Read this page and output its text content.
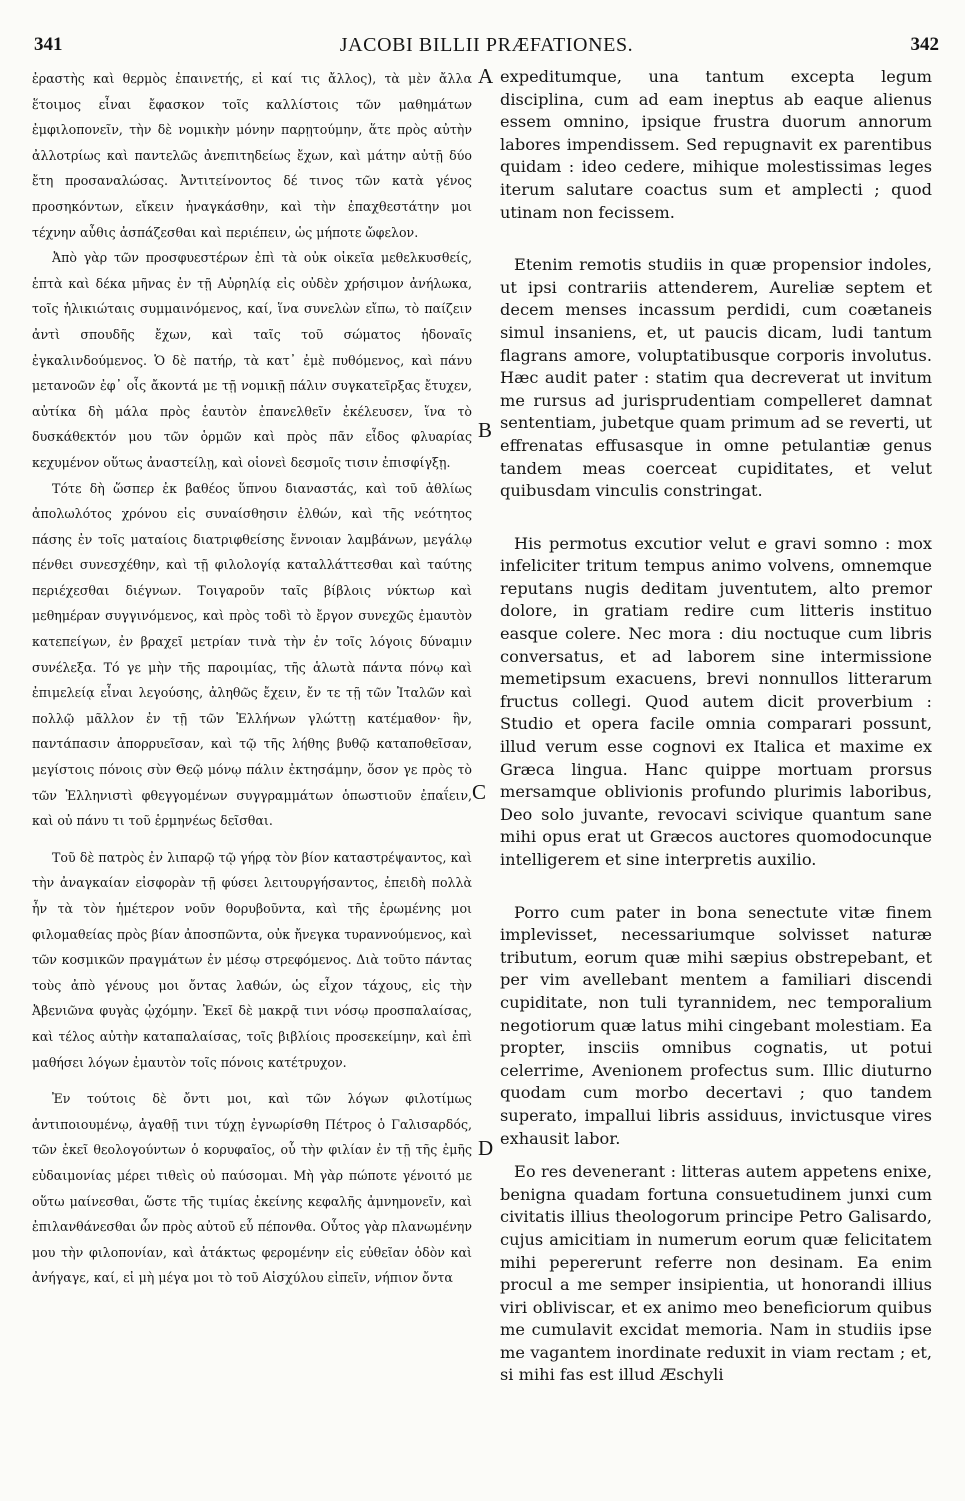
341	JACOBI BILLII PRÆFATIONES.	342

ἐραστὴς καὶ θερμὸς ἐπαινετής, εἰ καί τις ἄλλος), τὰ μὲν ἄλλα ἕτοιμος εἶναι ἔφασκον τοῖς καλλίστοις τῶν μαθημάτων ἐμφιλοπονεῖν, τὴν δὲ νομικὴν μόνην παρῃτούμην, ἅτε πρὸς αὐτὴν ἀλλοτρίως καὶ παντελῶς ἀνεπιτηδείως ἔχων, καὶ μάτην αὐτῇ δύο ἔτη προσαναλώσας. Ἀντιτείνοντος δέ τινος τῶν κατὰ γένος προσηκόντων, εἴκειν ἠναγκάσθην, καὶ τὴν ἐπαχθεστάτην μοι τέχνην αὖθις ἀσπάζεσθαι καὶ περιέπειν, ὡς μήποτε ὤφελον.

Ἀπὸ γὰρ τῶν προσφυεστέρων ἐπὶ τὰ οὐκ οἰκεῖα μεθελκυσθείς, ἑπτὰ καὶ δέκα μῆνας ἐν τῇ Αὐρηλίᾳ εἰς οὐδὲν χρήσιμον ἀνήλωκα, τοῖς ἡλικιώταις συμμαινόμενος, καί, ἵνα συνελὼν εἴπω, τὸ παίζειν ἀντὶ σπουδῆς ἔχων, καὶ ταῖς τοῦ σώματος ἡδοναῖς ἐγκαλινδούμενος. Ὁ δὲ πατήρ, τὰ κατ᾽ ἐμὲ πυθόμενος, καὶ πάνυ μετανοῶν ἐφ᾽ οἷς ἄκοντά με τῇ νομικῇ πάλιν συγκατεῖρξας ἔτυχεν, αὐτίκα δὴ μάλα πρὸς ἑαυτὸν ἐπανελθεῖν ἐκέλευσεν, ἵνα τὸ δυσκάθεκτόν μου τῶν ὁρμῶν καὶ πρὸς πᾶν εἶδος φλυαρίας κεχυμένον οὕτως ἀναστείλῃ, καὶ οἱονεὶ δεσμοῖς τισιν ἐπισφίγξῃ.

Τότε δὴ ὥσπερ ἐκ βαθέος ὕπνου διαναστάς, καὶ τοῦ ἀθλίως ἀπολωλότος χρόνου εἰς συναίσθησιν ἐλθών, καὶ τῆς νεότητος πάσης ἐν τοῖς ματαίοις διατριφθείσης ἔννοιαν λαμβάνων, μεγάλῳ πένθει συνεσχέθην, καὶ τῇ φιλολογίᾳ καταλλάττεσθαι καὶ ταύτης περιέχεσθαι διέγνων. Τοιγαροῦν ταῖς βίβλοις νύκτωρ καὶ μεθημέραν συγγινόμενος, καὶ πρὸς τοδὶ τὸ ἔργον συνεχῶς ἐμαυτὸν κατεπείγων, ἐν βραχεῖ μετρίαν τινὰ τὴν ἐν τοῖς λόγοις δύναμιν συνέλεξα. Τό γε μὴν τῆς παροιμίας, τῆς ἁλωτὰ πάντα πόνῳ καὶ ἐπιμελείᾳ εἶναι λεγούσης, ἀληθῶς ἔχειν, ἔν τε τῇ τῶν Ἰταλῶν καὶ πολλῷ μᾶλλον ἐν τῇ τῶν Ἑλλήνων γλώττῃ κατέμαθον· ἣν, παντάπασιν ἀπορρυεῖσαν, καὶ τῷ τῆς λήθης βυθῷ καταποθεῖσαν, μεγίστοις πόνοις σὺν Θεῷ μόνῳ πάλιν ἐκτησάμην, ὅσον γε πρὸς τὸ τῶν Ἑλληνιστὶ φθεγγομένων συγγραμμάτων ὁπωστιοῦν ἐπαΐειν, καὶ οὐ πάνυ τι τοῦ ἑρμηνέως δεῖσθαι.

Τοῦ δὲ πατρὸς ἐν λιπαρῷ τῷ γήρᾳ τὸν βίον καταστρέψαντος, καὶ τὴν ἀναγκαίαν εἰσφορὰν τῇ φύσει λειτουργήσαντος, ἐπειδὴ πολλὰ ἦν τὰ τὸν ἡμέτερον νοῦν θορυβοῦντα, καὶ τῆς ἐρωμένης μοι φιλομαθείας πρὸς βίαν ἀποσπῶντα, οὐκ ἤνεγκα τυραννούμενος, καὶ τῶν κοσμικῶν πραγμάτων ἐν μέσῳ στρεφόμενος. Διὰ τοῦτο πάντας τοὺς ἀπὸ γένους μοι ὄντας λαθών, ὡς εἶχον τάχους, εἰς τὴν Ἀβενιῶνα φυγὰς ᾠχόμην. Ἐκεῖ δὲ μακρᾷ τινι νόσῳ προσπαλαίσας, καὶ τέλος αὐτὴν καταπαλαίσας, τοῖς βιβλίοις προσεκείμην, καὶ ἐπὶ μαθήσει λόγων ἐμαυτὸν τοῖς πόνοις κατέτρυχον.

Ἐν τούτοις δὲ ὄντι μοι, καὶ τῶν λόγων φιλοτίμως ἀντιποιουμένῳ, ἀγαθῇ τινι τύχῃ ἐγνωρίσθη Πέτρος ὁ Γαλισαρδός, τῶν ἐκεῖ θεολογούντων ὁ κορυφαῖος, οὗ τὴν φιλίαν ἐν τῇ τῆς ἐμῆς εὐδαιμονίας μέρει τιθεὶς οὐ παύσομαι. Μὴ γὰρ πώποτε γένοιτό με οὕτω μαίνεσθαι, ὥστε τῆς τιμίας ἐκείνης κεφαλῆς ἀμνημονεῖν, καὶ ἐπιλανθάνεσθαι ὧν πρὸς αὐτοῦ εὖ πέπονθα. Οὗτος γὰρ πλανωμένην μου τὴν φιλοπονίαν, καὶ ἀτάκτως φερομένην εἰς εὐθεῖαν ὁδὸν καὶ ἀνήγαγε, καί, εἰ μὴ μέγα μοι τὸ τοῦ Αἰσχύλου εἰπεῖν, νήπιον ὄντα

expeditumque, una tantum excepta legum disciplina, cum ad eam ineptus ab eaque alienus essem omnino, ipsique frustra duorum annorum labores impendissem. Sed repugnavit ex parentibus quidam : ideo cedere, mihique molestissimas leges iterum salutare coactus sum et amplecti ; quod utinam non fecissem.

Etenim remotis studiis in quæ propensior indoles, ut ipsi contrariis attenderem, Aureliæ septem et decem menses incassum perdidi, cum coætaneis simul insaniens, et, ut paucis dicam, ludi tantum flagrans amore, voluptatibusque corporis involutus. Hæc audit pater : statim qua decreverat ut invitum me rursus ad jurisprudentiam compelleret damnat sententiam, jubetque quam primum ad se reverti, ut effrenatas effusasque in omne petulantiæ genus tandem meas coerceat cupiditates, et velut quibusdam vinculis constringat.

His permotus excutior velut e gravi somno : mox infeliciter tritum tempus animo volvens, omnemque reputans nugis deditam juventutem, alto premor dolore, in gratiam redire cum litteris instituo easque colere. Nec mora : diu noctuque cum libris conversatus, et ad laborem sine intermissione memetipsum exacuens, brevi nonnullos litterarum fructus collegi. Quod autem dicit proverbium : Studio et opera facile omnia comparari possunt, illud verum esse cognovi ex Italica et maxime ex Græca lingua. Hanc quippe mortuam prorsus mersamque oblivionis profundo plurimis laboribus, Deo solo juvante, revocavi scivique quantum sane mihi opus erat ut Græcos auctores quomodocunque intelligerem et sine interpretis auxilio.

Porro cum pater in bona senectute vitæ finem implevisset, necessariumque solvisset naturæ tributum, eorum quæ mihi sæpius obstrepebant, et per vim avellebant mentem a familiari discendi cupiditate, non tuli tyrannidem, nec temporalium negotiorum quæ latus mihi cingebant molestiam. Ea propter, insciis omnibus cognatis, ut potui celerrime, Avenionem profectus sum. Illic diuturno quodam cum morbo decertavi ; quo tandem superato, impallui libris assiduus, invictusque vires exhausit labor.

Eo res devenerant : litteras autem appetens enixe, benigna quadam fortuna consuetudinem junxi cum civitatis illius theologorum principe Petro Galisardo, cujus amicitiam in numerum eorum quæ felicitatem mihi pepererunt referre non desinam. Ea enim procul a me semper insipientia, ut honorandi illius viri obliviscar, et ex animo meo beneficiorum quibus me cumulavit excidat memoria. Nam in studiis ipse me vagantem inordinate reduxit in viam rectam ; et, si mihi fas est illud Æschyli

A
B
C
D
